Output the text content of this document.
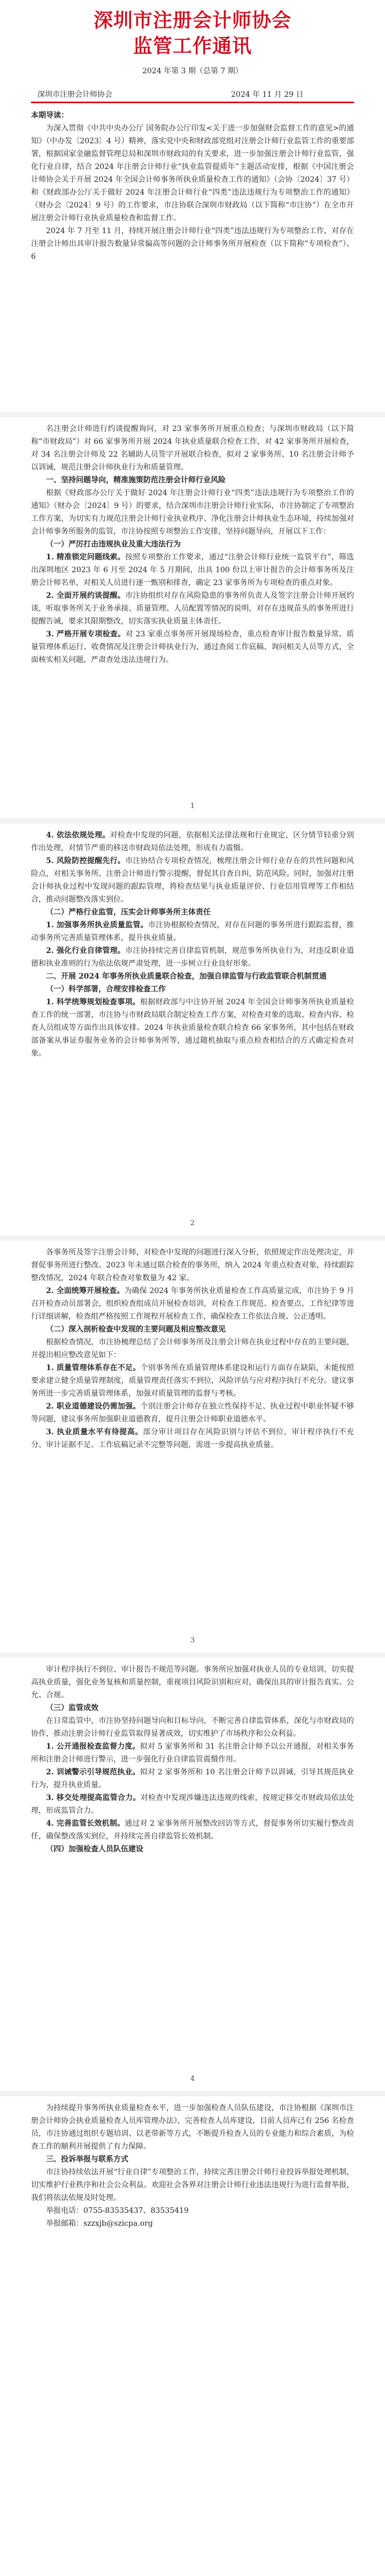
深圳市注册会计师协会
监管工作通讯
2024 年第 3 期（总第 7 期）
深圳市注册会计师协会	2024 年 11 月 29 日

本期导读：

为深入贯彻《中共中央办公厅 国务院办公厅印发<关于进一步加强财会监督工作的意见>的通知》（中办发〔2023〕4 号）精神，落实党中央和财政部党组对注册会计师行业监管工作的重要部署，根据国家金融监督管理总局和深圳市财政局的有关要求，进一步加强注册会计师行业监管，强化行业自律，结合 2024 年注册会计师行业“执业监管提质年”主题活动安排，根据《中国注册会计师协会关于开展 2024 年全国会计师事务所执业质量检查工作的通知》（会协〔2024〕37 号）和《财政部办公厅关于做好 2024 年注册会计师行业“四类”违法违规行为专项整治工作的通知》（财办会〔2024〕9 号）的工作要求，市注协联合深圳市财政局（以下简称“市注协”）在全市开展注册会计师行业执业质量检查和监督工作。

2024 年 7 月至 11 月，持续开展注册会计师行业“四类”违法违规行为专项整治工作，对存在注册会计师出具审计报告数量异常偏高等问题的会计师事务所开展检查（以下简称“专项检查”）、6

名注册会计师进行约谈提醒询问，对 23 家事务所开展重点检查；与深圳市财政局（以下简称“市财政局”）对 66 家事务所开展 2024 年执业质量联合检查工作，对 42 家事务所开展检查，对 34 名注册会计师及 22 名辅助人员签字开展联合检查，拟对 2 家事务所、10 名注册会计师予以训诫，规范注册会计师执业行为和质量管理。

一、坚持问题导向，精准施策防范注册会计师行业风险

根据《财政部办公厅关于做好 2024 年注册会计师行业“四类”违法违规行为专项整治工作的通知》（财办会〔2024〕9 号）的要求，结合深圳市注册会计师行业实际，市注协制定了专项整治工作方案，为切实有力规范注册会计师行业执业秩序、净化注册会计师执业生态环境，持续加强对会计师事务所服务的监管，市注协按照专项整治工作安排，坚持问题导向，开展以下工作：

（一）严厉打击违规执业及重大违法行为

1. 精准锁定问题线索。按照专项整治工作要求，通过“注册会计师行业统一监管平台”，筛选出深圳地区 2023 年 6 月至 2024 年 5 月期间，出具 100 份以上审计报告的会计师事务所及注册会计师名单，对相关人员进行逐一甄别和排查，确定 23 家事务所为专项检查的重点对象。

2. 全面开展约谈提醒。市注协组织对存在风险隐患的事务所负责人及签字注册会计师开展约谈，听取事务所关于业务承接、质量管理、人员配置等情况的说明，对存在违规苗头的事务所进行提醒告诫，要求其限期整改，切实落实执业质量主体责任。

3. 严格开展专项检查。对 23 家重点事务所开展现场检查，重点检查审计报告数量异常、质量管理体系运行、收费情况及注册会计师执业行为，通过查阅工作底稿、询问相关人员等方式，全面核实相关问题，严肃查处违法违规行为。

1

4. 依法依规处理。对检查中发现的问题，依据相关法律法规和行业规定，区分情节轻重分别作出处理，对情节严重的移送市财政局依法处理，形成有力震慑。

5. 风险防控提醒先行。市注协结合专项检查情况，梳理注册会计师行业存在的共性问题和风险点，对相关事务所、注册会计师进行警示提醒，督促其自查自纠，防范风险。同时，加强对注册会计师执业过程中发现问题的跟踪管理，将检查结果与执业质量评价、行业信用管理等工作相结合，推动问题整改落实到位。

（二）严格行业监管，压实会计师事务所主体责任

1. 加强事务所执业质量监管。市注协根据检查情况，对存在问题的事务所进行跟踪监督，推动事务所完善质量管理体系，提升执业质量。

2. 强化行业自律管理。市注协持续完善自律监管机制，规范事务所执业行为，对违反职业道德和执业准则的行为依法依规严肃处理，进一步树立行业良好形象。

二、开展 2024 年事务所执业质量联合检查，加强自律监管与行政监管联合机制贯通

（一）科学部署，合理安排检查工作

1. 科学统筹规划检查事项。根据财政部与中注协开展 2024 年全国会计师事务所执业质量检查工作的统一部署，市注协与市财政局联合制定检查工作方案，对检查对象的选取、检查内容、检查人员组成等方面作出具体安排。2024 年执业质量检查联合检查 66 家事务所，其中包括在财政部备案从事证券服务业务的会计师事务所等，通过随机抽取与重点检查相结合的方式确定检查对象。

2

各事务所及签字注册会计师，对检查中发现的问题进行深入分析，依照规定作出处理决定，并督促事务所进行整改。2023 年未通过联合检查的事务所，纳入 2024 年重点检查对象，持续跟踪整改情况，2024 年联合检查对象数量为 42 家。

2. 全面统筹开展检查。为确保 2024 年事务所执业质量检查工作高质量完成，市注协于 9 月召开检查动员部署会，组织检查组成员开展检查培训，对检查工作规范、检查要点、工作纪律等进行详细讲解，检查组严格按照工作规程开展检查工作，确保检查工作依法合规、公正透明。

（二）深入剖析检查中发现的主要问题及相应整改意见

根据检查情况，市注协梳理总结了会计师事务所及注册会计师在执业过程中存在的主要问题，并提出相应整改意见如下：

1. 质量管理体系存在不足。个别事务所在质量管理体系建设和运行方面存在缺陷，未能按照要求建立健全质量管理制度，质量管理责任落实不到位，风险评估与应对程序执行不充分。建议事务所进一步完善质量管理体系，加强对质量管理的监督与考核。

2. 职业道德建设仍需加强。个别注册会计师存在独立性保持不足、执业过程中职业怀疑不够等问题，建议事务所加强职业道德教育，提升注册会计师职业道德水平。

3. 执业质量水平有待提高。部分审计项目存在风险识别与评估不到位、审计程序执行不充分、审计证据不足、工作底稿记录不完整等问题，需进一步提高执业质量。

3

审计程序执行不到位、审计报告不规范等问题。事务所应加强对执业人员的专业培训，切实提高执业质量，强化业务复核和质量控制，重视项目风险识别和应对，确保出具的审计报告真实、公允、合规。

（三）监管成效

在日常监管中，市注协坚持问题导向和目标导向，不断完善自律监管体系，深化与市财政局的协作，推动注册会计师行业监管取得显著成效，切实维护了市场秩序和公众利益。

1. 公开通报检查监督力度。拟对 5 家事务所和 31 名注册会计师予以公开通报，对相关事务所和注册会计师进行警示，进一步强化行业自律监管震慑作用。

2. 训诫警示引导规范执业。拟对 2 家事务所和 10 名注册会计师予以训诫，引导其规范执业行为，提升执业质量。

3. 移交处理提高监管合力。对检查中发现涉嫌违法违规的线索，按规定移交市财政局依法处理，形成监管合力。

4. 完善监管长效机制。通过对 2 家事务所开展整改回访等方式，督促事务所切实履行整改责任，确保整改落实到位，并持续完善自律监管长效机制。

（四）加强检查人员队伍建设

4

为持续提升事务所执业质量检查水平，进一步加强检查人员队伍建设，市注协根据《深圳市注册会计师协会执业质量检查人员库管理办法》，完善检查人员库建设，目前人员库已有 256 名检查员，市注协通过组织专题培训、以老带新等方式，不断提升检查人员的专业能力和综合素质，为检查工作的顺利开展提供了有力保障。

三、投诉举报与联系方式

市注协持续依法开展“行业自律”专项整治工作，持续完善注册会计师行业投诉举报处理机制，切实维护行业秩序和社会公众利益。欢迎社会各界对注册会计师行业违法违规行为进行监督举报，我们将依法依规及时处理。

举报电话：0755-83535437、83535419

举报邮箱：szzxjb@szicpa.org
